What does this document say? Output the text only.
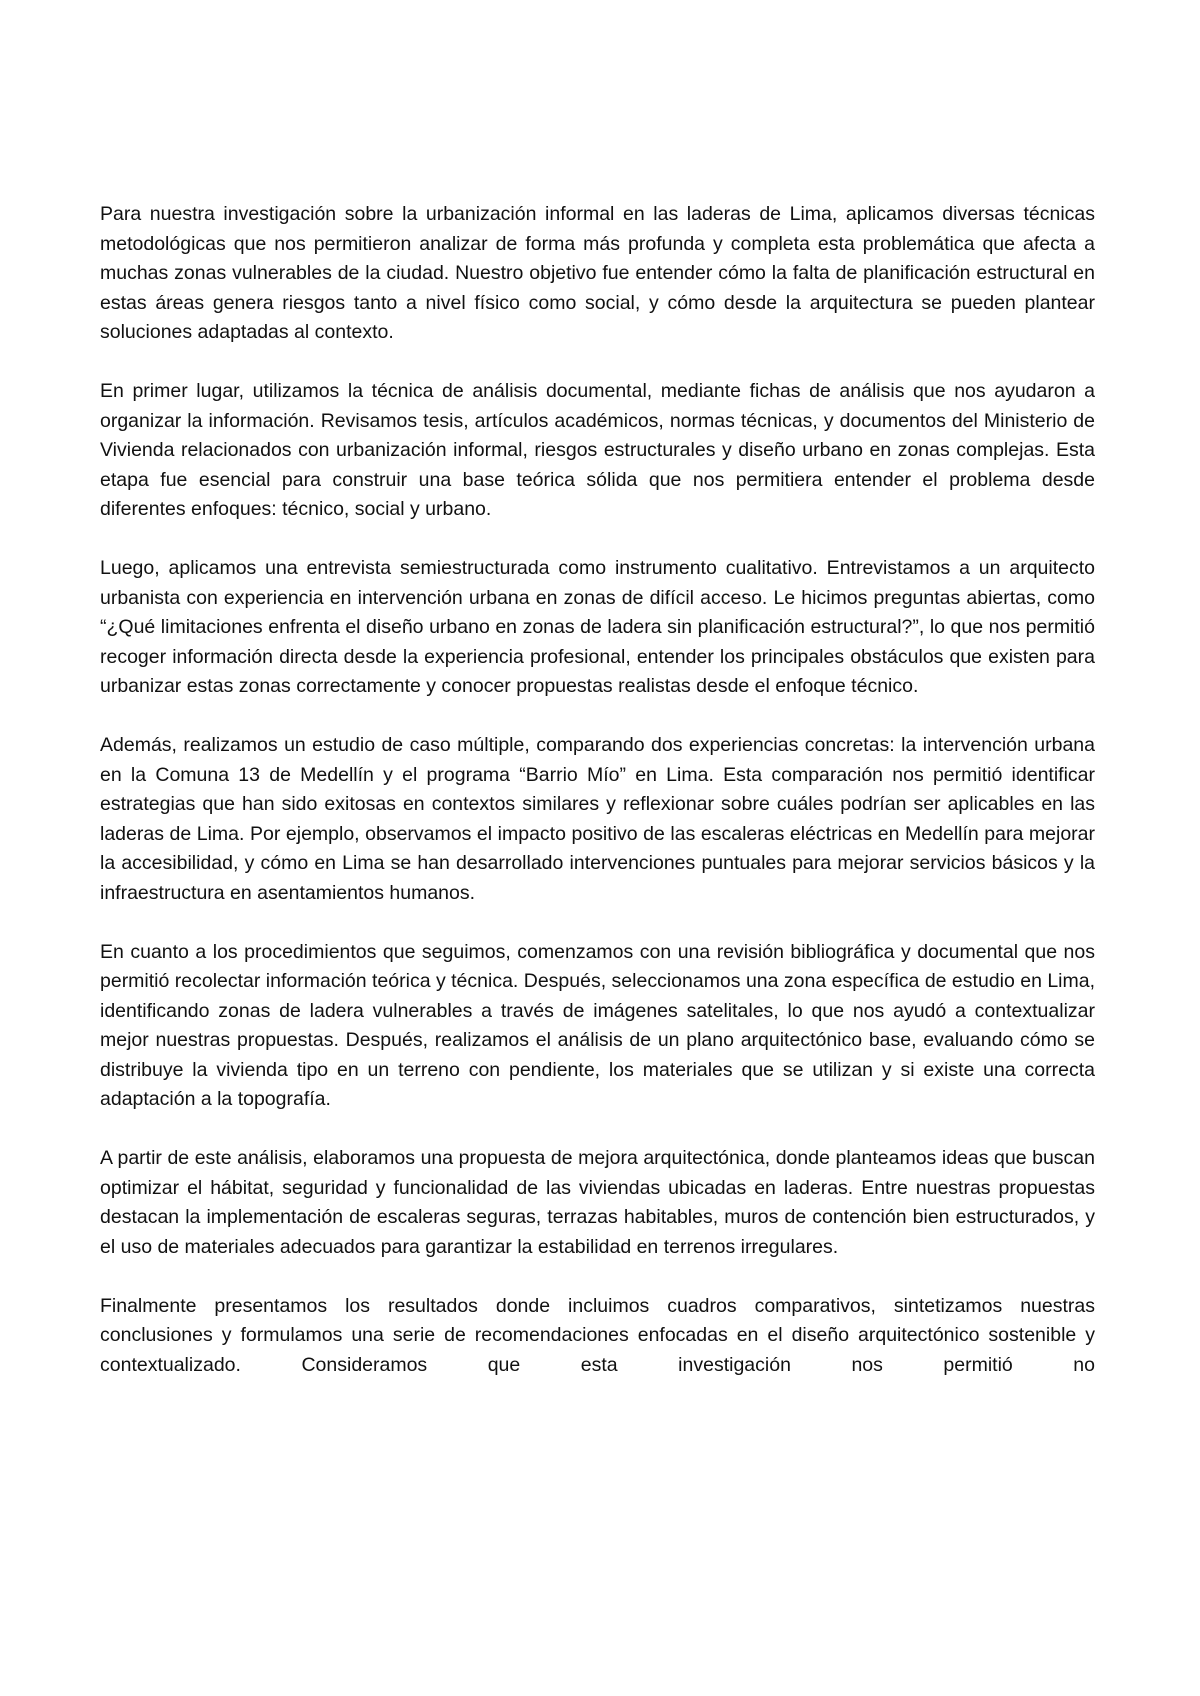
Para nuestra investigación sobre la urbanización informal en las laderas de Lima, aplicamos diversas técnicas metodológicas que nos permitieron analizar de forma más profunda y completa esta problemática que afecta a muchas zonas vulnerables de la ciudad. Nuestro objetivo fue entender cómo la falta de planificación estructural en estas áreas genera riesgos tanto a nivel físico como social, y cómo desde la arquitectura se pueden plantear soluciones adaptadas al contexto.

En primer lugar, utilizamos la técnica de análisis documental, mediante fichas de análisis que nos ayudaron a organizar la información. Revisamos tesis, artículos académicos, normas técnicas, y documentos del Ministerio de Vivienda relacionados con urbanización informal, riesgos estructurales y diseño urbano en zonas complejas. Esta etapa fue esencial para construir una base teórica sólida que nos permitiera entender el problema desde diferentes enfoques: técnico, social y urbano.

Luego, aplicamos una entrevista semiestructurada como instrumento cualitativo. Entrevistamos a un arquitecto urbanista con experiencia en intervención urbana en zonas de difícil acceso. Le hicimos preguntas abiertas, como “¿Qué limitaciones enfrenta el diseño urbano en zonas de ladera sin planificación estructural?”, lo que nos permitió recoger información directa desde la experiencia profesional, entender los principales obstáculos que existen para urbanizar estas zonas correctamente y conocer propuestas realistas desde el enfoque técnico.

Además, realizamos un estudio de caso múltiple, comparando dos experiencias concretas: la intervención urbana en la Comuna 13 de Medellín y el programa “Barrio Mío” en Lima. Esta comparación nos permitió identificar estrategias que han sido exitosas en contextos similares y reflexionar sobre cuáles podrían ser aplicables en las laderas de Lima. Por ejemplo, observamos el impacto positivo de las escaleras eléctricas en Medellín para mejorar la accesibilidad, y cómo en Lima se han desarrollado intervenciones puntuales para mejorar servicios básicos y la infraestructura en asentamientos humanos.

En cuanto a los procedimientos que seguimos, comenzamos con una revisión bibliográfica y documental que nos permitió recolectar información teórica y técnica. Después, seleccionamos una zona específica de estudio en Lima, identificando zonas de ladera vulnerables a través de imágenes satelitales, lo que nos ayudó a contextualizar mejor nuestras propuestas. Después, realizamos el análisis de un plano arquitectónico base, evaluando cómo se distribuye la vivienda tipo en un terreno con pendiente, los materiales que se utilizan y si existe una correcta adaptación a la topografía.

A partir de este análisis, elaboramos una propuesta de mejora arquitectónica, donde planteamos ideas que buscan optimizar el hábitat, seguridad y funcionalidad de las viviendas ubicadas en laderas. Entre nuestras propuestas destacan la implementación de escaleras seguras, terrazas habitables, muros de contención bien estructurados, y el uso de materiales adecuados para garantizar la estabilidad en terrenos irregulares.

Finalmente presentamos los resultados donde incluimos cuadros comparativos, sintetizamos nuestras conclusiones y formulamos una serie de recomendaciones enfocadas en el diseño arquitectónico sostenible y contextualizado. Consideramos que esta investigación nos permitió no
